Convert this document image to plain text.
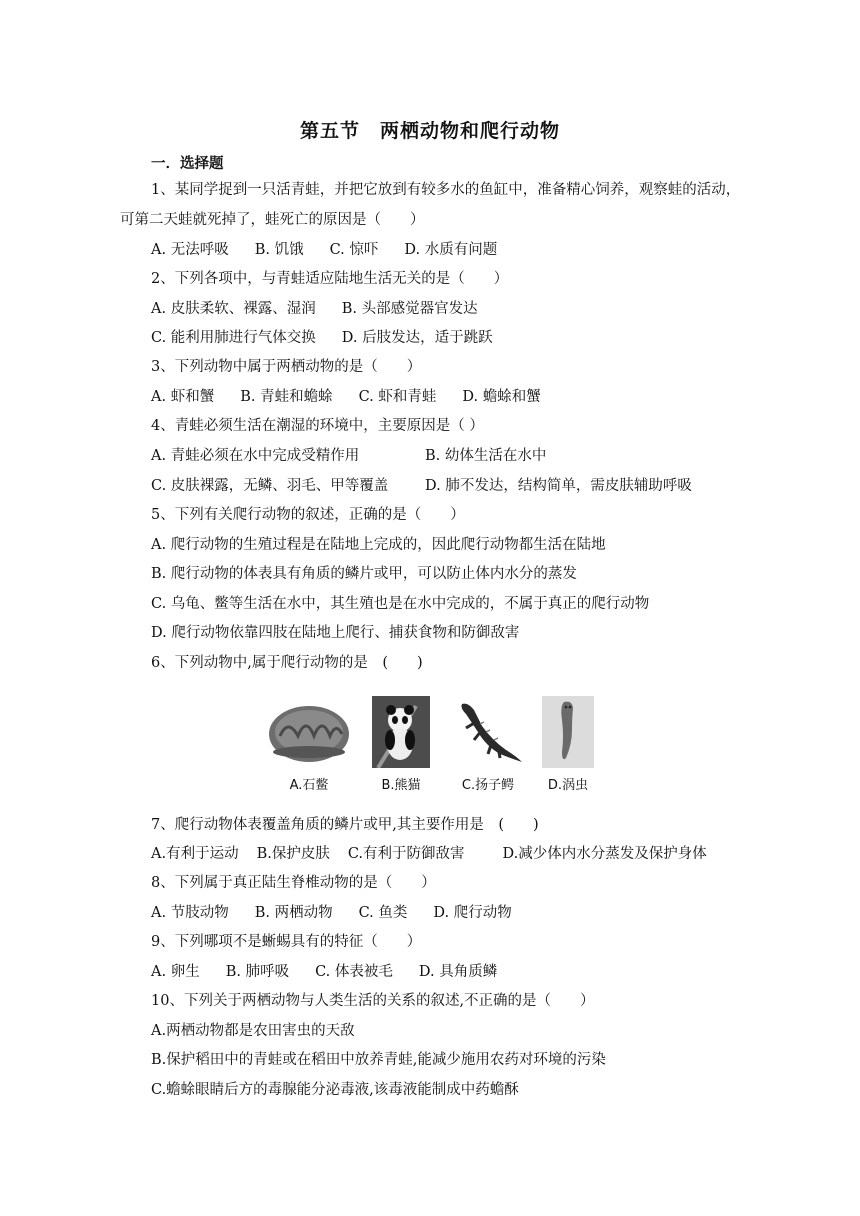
第五节　两栖动物和爬行动物
一．选择题
1、某同学捉到一只活青蛙，并把它放到有较多水的鱼缸中，准备精心饲养，观察蛙的活动，
可第二天蛙就死掉了，蛙死亡的原因是（　　）
A. 无法呼吸 B. 饥饿 C. 惊吓 D. 水质有问题
2、下列各项中，与青蛙适应陆地生活无关的是（　　）
A. 皮肤柔软、裸露、湿润 B. 头部感觉器官发达
C. 能利用肺进行气体交换 D. 后肢发达，适于跳跃
3、下列动物中属于两栖动物的是（　　）
A. 虾和蟹 B. 青蛙和蟾蜍 C. 虾和青蛙 D. 蟾蜍和蟹
4、青蛙必须生活在潮湿的环境中，主要原因是（ ）
A. 青蛙必须在水中完成受精作用	B. 幼体生活在水中
C. 皮肤裸露，无鳞、羽毛、甲等覆盖	D. 肺不发达，结构简单，需皮肤辅助呼吸
5、下列有关爬行动物的叙述，正确的是（　　）
A. 爬行动物的生殖过程是在陆地上完成的，因此爬行动物都生活在陆地
B. 爬行动物的体表具有角质的鳞片或甲，可以防止体内水分的蒸发
C. 乌龟、鳖等生活在水中，其生殖也是在水中完成的，不属于真正的爬行动物
D. 爬行动物依靠四肢在陆地上爬行、捕获食物和防御敌害
6、下列动物中,属于爬行动物的是　(　　)
A.石鳖	B.熊猫	C.扬子鳄	D.涡虫
7、爬行动物体表覆盖角质的鳞片或甲,其主要作用是　(　　)
A.有利于运动 B.保护皮肤 C.有利于防御敌害	D.减少体内水分蒸发及保护身体
8、下列属于真正陆生脊椎动物的是（　　）
A. 节肢动物 B. 两栖动物 C. 鱼类 D. 爬行动物
9、下列哪项不是蜥蜴具有的特征（　　）
A. 卵生 B. 肺呼吸 C. 体表被毛 D. 具角质鳞
10、下列关于两栖动物与人类生活的关系的叙述,不正确的是（　　）
A.两栖动物都是农田害虫的天敌
B.保护稻田中的青蛙或在稻田中放养青蛙,能减少施用农药对环境的污染
C.蟾蜍眼睛后方的毒腺能分泌毒液,该毒液能制成中药蟾酥
